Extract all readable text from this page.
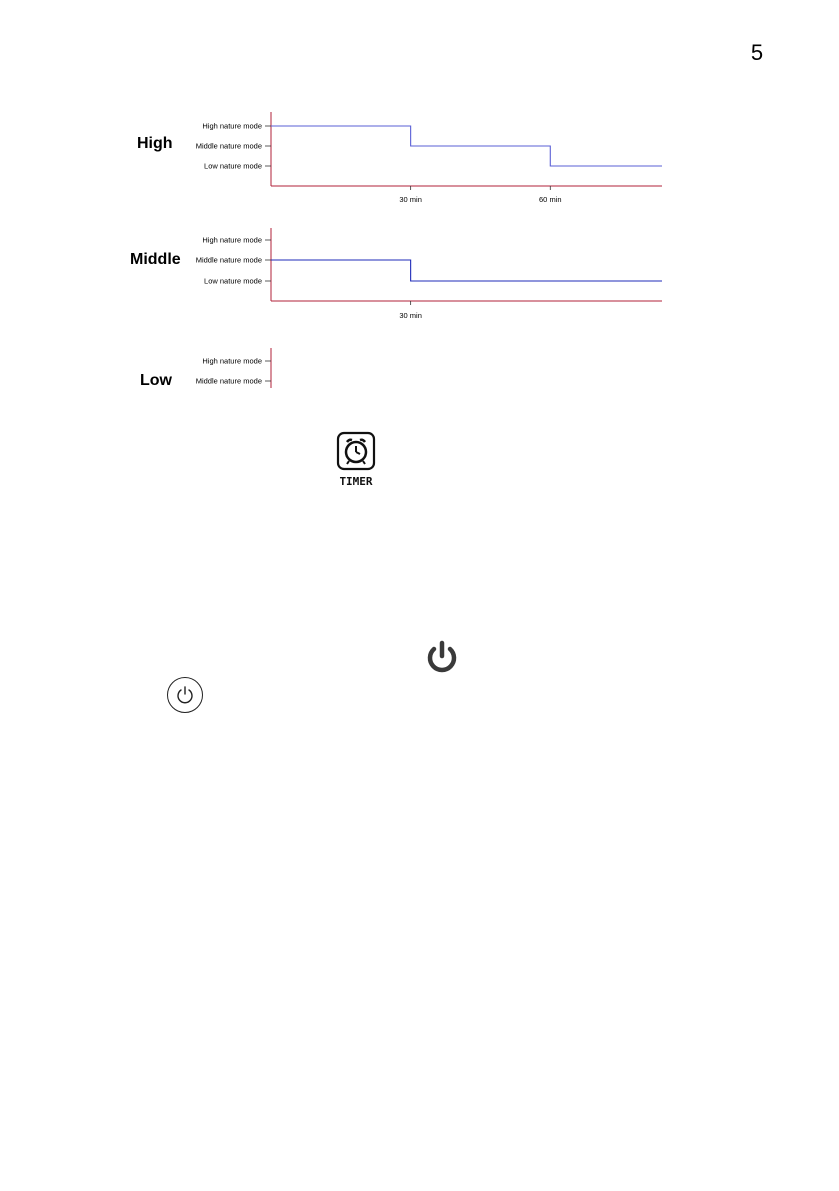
5
High
Low nature mode
Middle nature mode
High nature mode
30 min	60 min
Middle
Low nature mode
Middle nature mode
High nature mode
30 min
Low	Middle nature mode
High nature mode
TIMER
